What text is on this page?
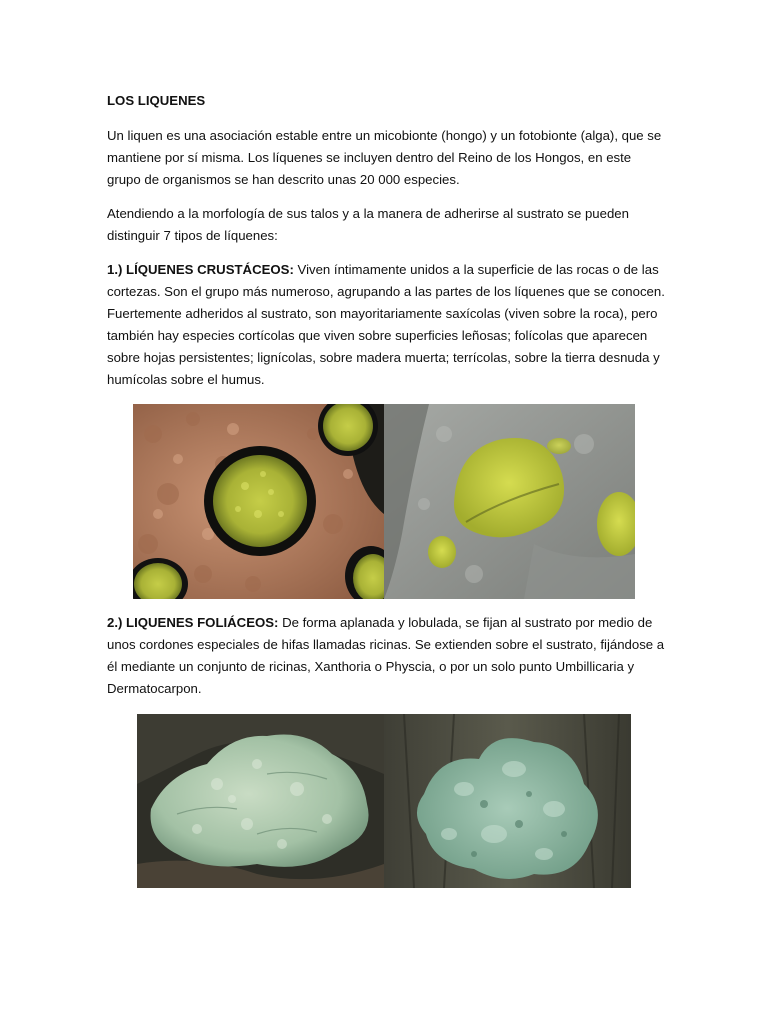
LOS LIQUENES

Un liquen es una asociación estable entre un micobionte (hongo) y un fotobionte (alga), que se mantiene por sí misma. Los líquenes se incluyen dentro del Reino de los Hongos, en este grupo de organismos se han descrito unas 20 000 especies.

Atendiendo a la morfología de sus talos y a la manera de adherirse al sustrato se pueden distinguir 7 tipos de líquenes:

1.) LÍQUENES CRUSTÁCEOS: Viven íntimamente unidos a la superficie de las rocas o de las cortezas. Son el grupo más numeroso, agrupando a las partes de los líquenes que se conocen. Fuertemente adheridos al sustrato, son mayoritariamente saxícolas (viven sobre la roca), pero también hay especies cortícolas que viven sobre superficies leñosas; folícolas que aparecen sobre hojas persistentes; lignícolas, sobre madera muerta; terrícolas, sobre la tierra desnuda y humícolas sobre el humus.

2.) LIQUENES FOLIÁCEOS: De forma aplanada y lobulada, se fijan al sustrato por medio de unos cordones especiales de hifas llamadas ricinas. Se extienden sobre el sustrato, fijándose a él mediante un conjunto de ricinas, Xanthoria o Physcia, o por un solo punto Umbillicaria y Dermatocarpon.
